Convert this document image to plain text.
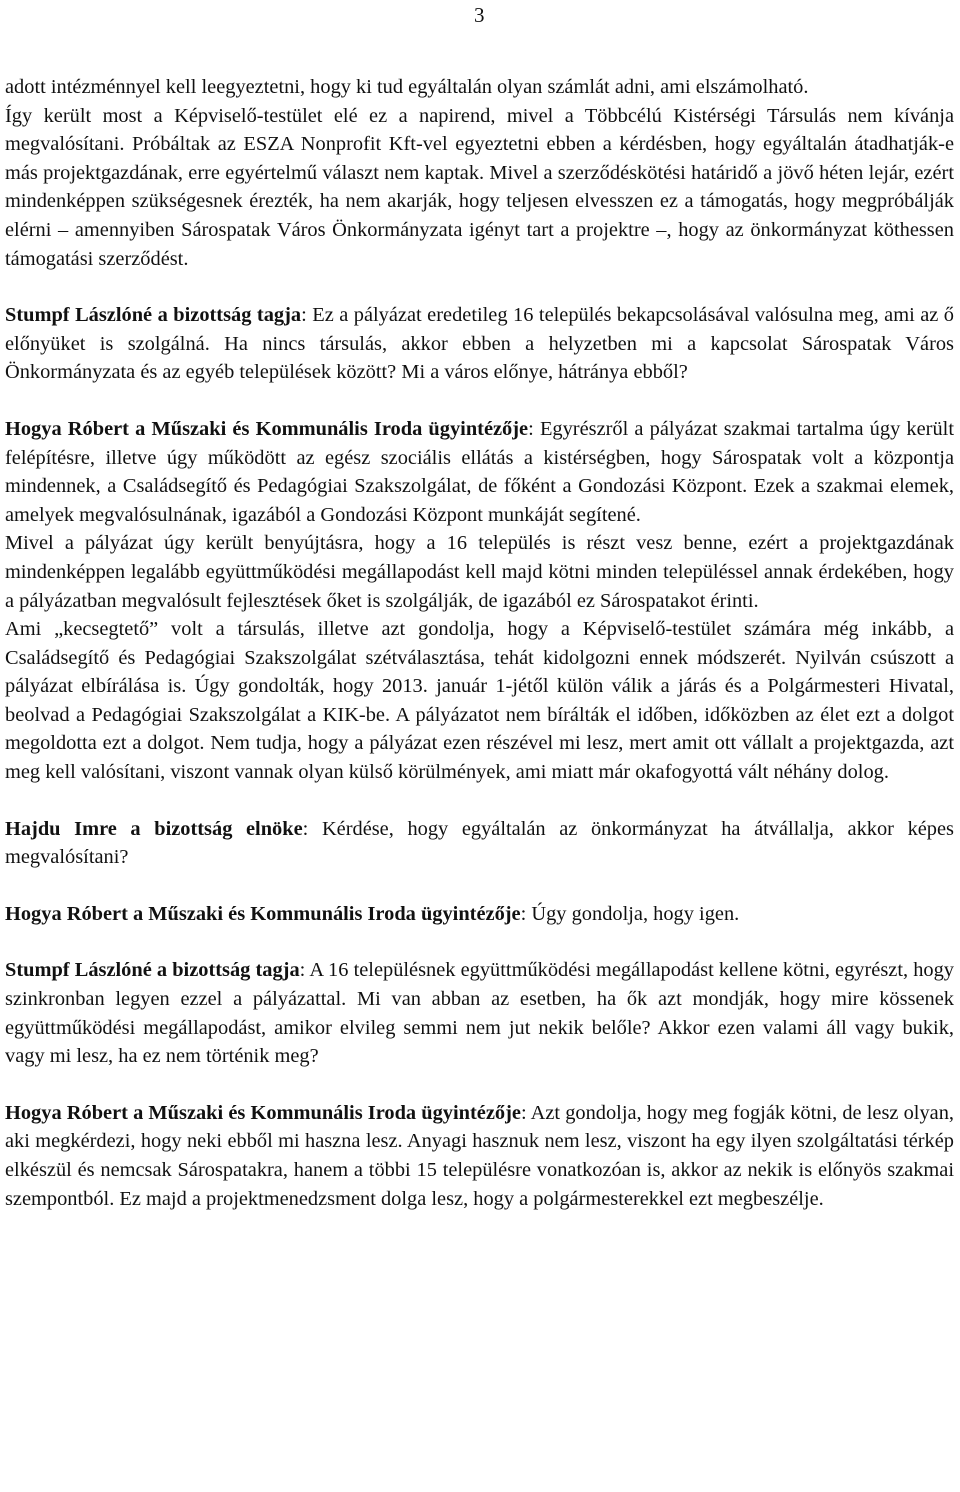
3

adott intézménnyel kell leegyeztetni, hogy ki tud egyáltalán olyan számlát adni, ami elszámolható.

Így került most a Képviselő-testület elé ez a napirend, mivel a Többcélú Kistérségi Társulás nem kívánja megvalósítani. Próbáltak az ESZA Nonprofit Kft-vel egyeztetni ebben a kérdésben, hogy egyáltalán átadhatják-e más projektgazdának, erre egyértelmű választ nem kaptak. Mivel a szerződéskötési határidő a jövő héten lejár, ezért mindenképpen szükségesnek érezték, ha nem akarják, hogy teljesen elvesszen ez a támogatás, hogy megpróbálják elérni – amennyiben Sárospatak Város Önkormányzata igényt tart a projektre –, hogy az önkormányzat köthessen támogatási szerződést.

Stumpf Lászlóné a bizottság tagja: Ez a pályázat eredetileg 16 település bekapcsolásával valósulna meg, ami az ő előnyüket is szolgálná. Ha nincs társulás, akkor ebben a helyzetben mi a kapcsolat Sárospatak Város Önkormányzata és az egyéb települések között? Mi a város előnye, hátránya ebből?

Hogya Róbert a Műszaki és Kommunális Iroda ügyintézője: Egyrészről a pályázat szakmai tartalma úgy került felépítésre, illetve úgy működött az egész szociális ellátás a kistérségben, hogy Sárospatak volt a központja mindennek, a Családsegítő és Pedagógiai Szakszolgálat, de főként a Gondozási Központ. Ezek a szakmai elemek, amelyek megvalósulnának, igazából a Gondozási Központ munkáját segítené.

Mivel a pályázat úgy került benyújtásra, hogy a 16 település is részt vesz benne, ezért a projektgazdának mindenképpen legalább együttműködési megállapodást kell majd kötni minden településsel annak érdekében, hogy a pályázatban megvalósult fejlesztések őket is szolgálják, de igazából ez Sárospatakot érinti.

Ami „kecsegtető” volt a társulás, illetve azt gondolja, hogy a Képviselő-testület számára még inkább, a Családsegítő és Pedagógiai Szakszolgálat szétválasztása, tehát kidolgozni ennek módszerét. Nyilván csúszott a pályázat elbírálása is. Úgy gondolták, hogy 2013. január 1-jétől külön válik a járás és a Polgármesteri Hivatal, beolvad a Pedagógiai Szakszolgálat a KIK-be. A pályázatot nem bírálták el időben, időközben az élet ezt a dolgot megoldotta ezt a dolgot. Nem tudja, hogy a pályázat ezen részével mi lesz, mert amit ott vállalt a projektgazda, azt meg kell valósítani, viszont vannak olyan külső körülmények, ami miatt már okafogyottá vált néhány dolog.

Hajdu Imre a bizottság elnöke: Kérdése, hogy egyáltalán az önkormányzat ha átvállalja, akkor képes megvalósítani?

Hogya Róbert a Műszaki és Kommunális Iroda ügyintézője: Úgy gondolja, hogy igen.

Stumpf Lászlóné a bizottság tagja: A 16 településnek együttműködési megállapodást kellene kötni, egyrészt, hogy szinkronban legyen ezzel a pályázattal. Mi van abban az esetben, ha ők azt mondják, hogy mire kössenek együttműködési megállapodást, amikor elvileg semmi nem jut nekik belőle? Akkor ezen valami áll vagy bukik, vagy mi lesz, ha ez nem történik meg?

Hogya Róbert a Műszaki és Kommunális Iroda ügyintézője: Azt gondolja, hogy meg fogják kötni, de lesz olyan, aki megkérdezi, hogy neki ebből mi haszna lesz. Anyagi hasznuk nem lesz, viszont ha egy ilyen szolgáltatási térkép elkészül és nemcsak Sárospatakra, hanem a többi 15 településre vonatkozóan is, akkor az nekik is előnyös szakmai szempontból. Ez majd a projektmenedzsment dolga lesz, hogy a polgármesterekkel ezt megbeszélje.
